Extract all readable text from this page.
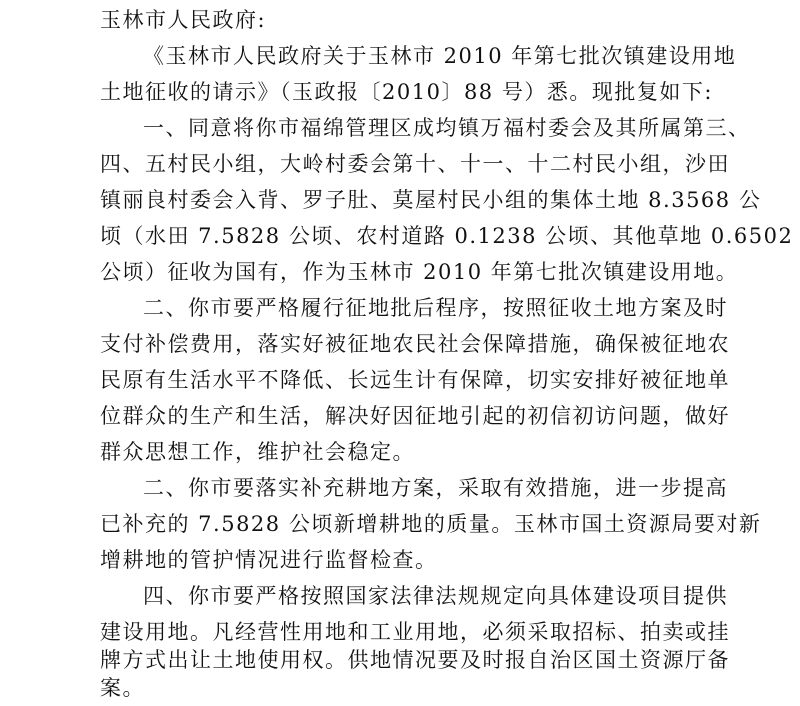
玉林市人民政府:
《玉林市人民政府关于玉林市 2010 年第七批次镇建设用地
土地征收的请示》（玉政报〔2010〕88 号）悉。现批复如下:
一、同意将你市福绵管理区成均镇万福村委会及其所属第三、
四、五村民小组，大岭村委会第十、十一、十二村民小组，沙田
镇丽良村委会入背、罗子肚、莫屋村民小组的集体土地 8.3568 公
顷（水田 7.5828 公顷、农村道路 0.1238 公顷、其他草地 0.6502
公顷）征收为国有，作为玉林市 2010 年第七批次镇建设用地。
二、你市要严格履行征地批后程序，按照征收土地方案及时
支付补偿费用，落实好被征地农民社会保障措施，确保被征地农
民原有生活水平不降低、长远生计有保障，切实安排好被征地单
位群众的生产和生活，解决好因征地引起的初信初访问题，做好
群众思想工作，维护社会稳定。
二、你市要落实补充耕地方案，采取有效措施，进一步提高
已补充的 7.5828 公顷新增耕地的质量。玉林市国土资源局要对新
增耕地的管护情况进行监督检查。
四、你市要严格按照国家法律法规规定向具体建设项目提供
建设用地。凡经营性用地和工业用地，必须采取招标、拍卖或挂
牌方式出让土地使用权。供地情况要及时报自治区国土资源厅备
案。
